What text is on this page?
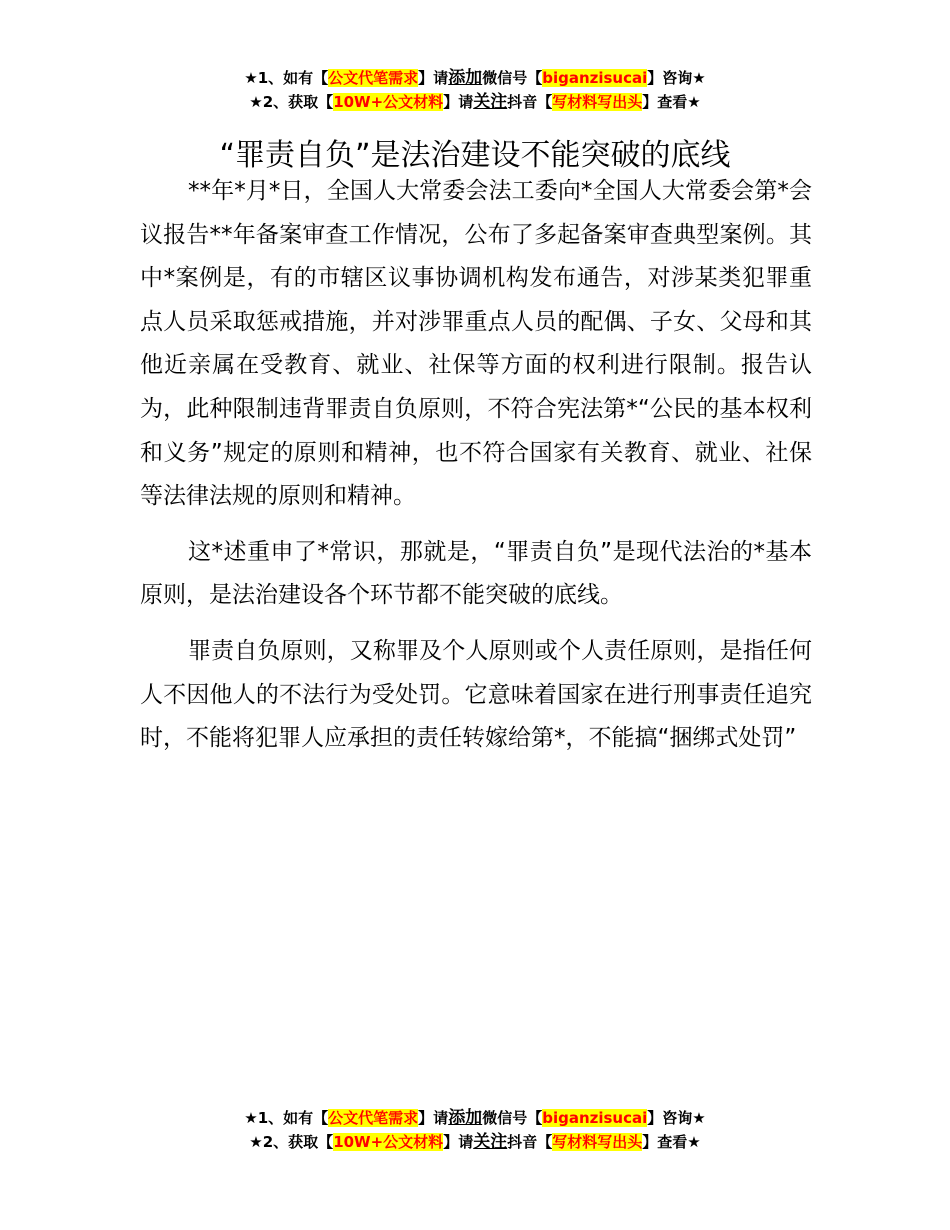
★1、如有【公文代笔需求】请添加微信号【biganzisucai】咨询★
★2、获取【10W+公文材料】请关注抖音【写材料写出头】查看★
“罪责自负”是法治建设不能突破的底线

**年*月*日，全国人大常委会法工委向*全国人大常委会第*会议报告**年备案审查工作情况，公布了多起备案审查典型案例。其中*案例是，有的市辖区议事协调机构发布通告，对涉某类犯罪重点人员采取惩戒措施，并对涉罪重点人员的配偶、子女、父母和其他近亲属在受教育、就业、社保等方面的权利进行限制。报告认为，此种限制违背罪责自负原则，不符合宪法第*“公民的基本权利和义务”规定的原则和精神，也不符合国家有关教育、就业、社保等法律法规的原则和精神。

这*述重申了*常识，那就是，“罪责自负”是现代法治的*基本原则，是法治建设各个环节都不能突破的底线。

罪责自负原则，又称罪及个人原则或个人责任原则，是指任何人不因他人的不法行为受处罚。它意味着国家在进行刑事责任追究时，不能将犯罪人应承担的责任转嫁给第*，不能搞“捆绑式处罚”

★1、如有【公文代笔需求】请添加微信号【biganzisucai】咨询★
★2、获取【10W+公文材料】请关注抖音【写材料写出头】查看★
